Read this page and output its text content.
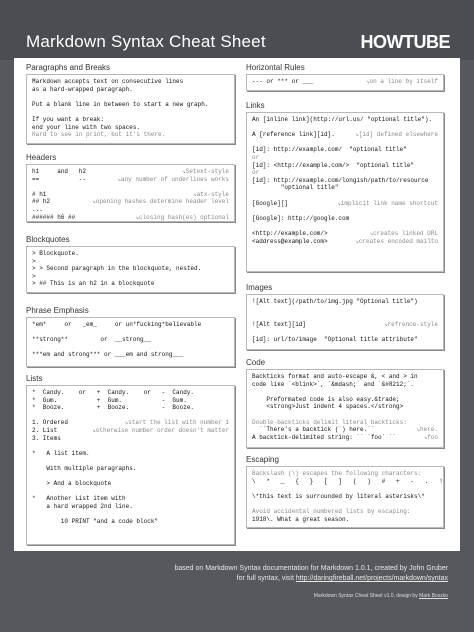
Markdown Syntax Cheat Sheet	HOWTUBE
Paragraphs and Breaks
Markdown accepts text on consecutive lines
as a hard-wrapped paragraph.
Put a blank line in between to start a new graph.
If you want a break:
end your line with two spaces.
Hard to see in print, but it's there.
Headers
h1     and   h2	↘Setext-style
==           --	↘any number of underlines works
# h1	↘atx-style
## h2	↘opening hashes determine header level
...
###### h6 ##	↘closing hash(es) optional
Blockquotes
> Blockquote.
>
> > Second paragraph in the blockquote, nested.
>
> ## This is an h2 in a blockquote
Phrase Emphasis
*em*     or   _em_     or un*fucking*believable
**strong**         or  __strong__
***em and strong*** or ___em and strong___
Lists
*  Candy.    or   +  Candy.    or   -  Candy.
*  Gum.           +  Gum.           -  Gum.
*  Booze.         +  Booze.         -  Booze.
1. Ordered	↘start the list with number 1
2. List	↘otherwise number order doesn't matter
3. Items
*   A list item.
With multiple paragraphs.
> And a blockquote
*   Another List item with
a hard wrapped 2nd line.
10 PRINT "and a code block"
Horizontal Rules
--- or *** or ___	↘on a line by itself
Links
An [inline link](http://url.us/ "optional title").
A [reference link][id].	↘[id] defined elsewhere
[id]: http://example.com/  "optional title"
or
[id]: <http://example.com/>  "optional title"
or
[id]: http://example.com/longish/path/to/resource
"optional title"
[Google][]	↘implicit link name shortcut
[Google]: http://google.com
<http://example.com/>	↘creates linked URL
<address@example.com>	↘creates encoded mailto
Images
![Alt text](/path/to/img.jpg "Optional title")
![Alt text][id]	↘refrence-style
[id]: url/to/image  "Optional title attribute"
Code
Backticks format and auto-escape &, < and > in
code like `<blink>`, `&mdash;` and `&#8212;`.
Preformated code is also easy.&trade;
<strong>Just indent 4 spaces.</strong>
Double-backticks delimit literal backticks:
``There's a backtick (`) here.``	↘here.
A backtick-delimited string: `` `foo` ``	↘foo
Escaping
Backslash (\) escapes the following characters:
\   *   _   {   }   [   ]   (   )   #   +   -   .   !
\*this text is surrounded by literal asterisks\*
Avoid accidental numbered lists by escaping:
1918\. What a great season.
based on Markdown Syntax documentation for Markdown 1.0.1, created by John Gruber
for full syntax, visit http://daringfireball.net/projects/markdown/syntax
Markdown Syntax Cheat Sheet v1.0, design by Mark Boszko
